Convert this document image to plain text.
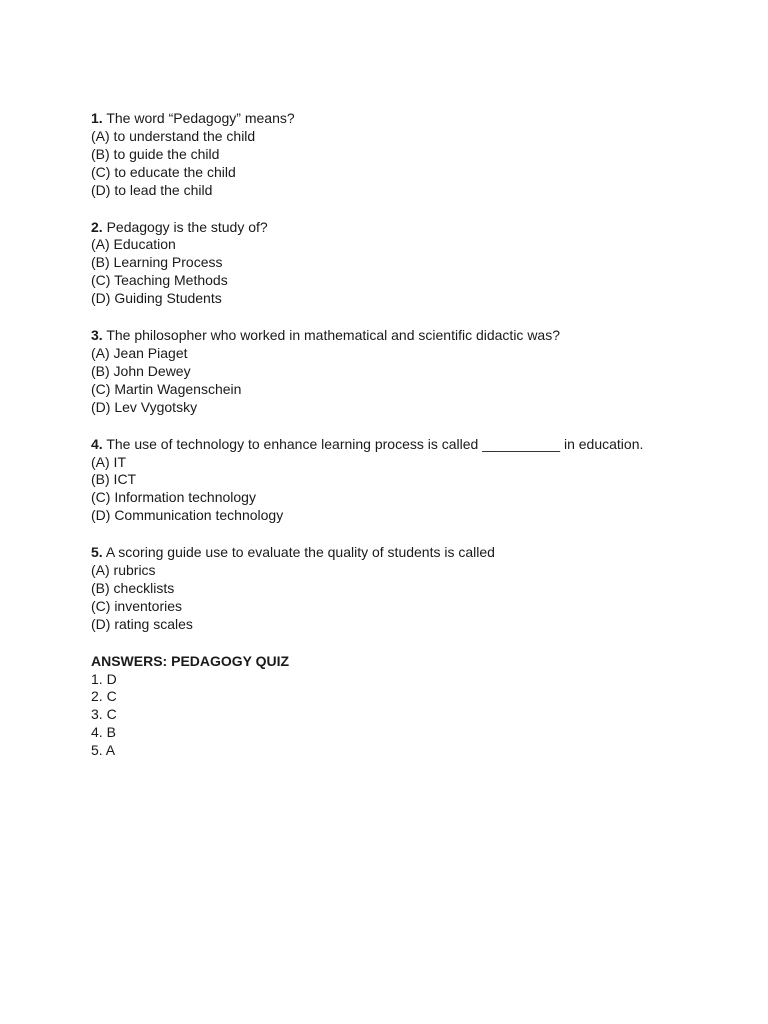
1. The word “Pedagogy” means?
(A) to understand the child
(B) to guide the child
(C) to educate the child
(D) to lead the child
2. Pedagogy is the study of?
(A) Education
(B) Learning Process
(C) Teaching Methods
(D) Guiding Students
3. The philosopher who worked in mathematical and scientific didactic was?
(A) Jean Piaget
(B) John Dewey
(C) Martin Wagenschein
(D) Lev Vygotsky
4. The use of technology to enhance learning process is called __________ in education.
(A) IT
(B) ICT
(C) Information technology
(D) Communication technology
5. A scoring guide use to evaluate the quality of students is called
(A) rubrics
(B) checklists
(C) inventories
(D) rating scales
ANSWERS: PEDAGOGY QUIZ
1. D
2. C
3. C
4. B
5. A
